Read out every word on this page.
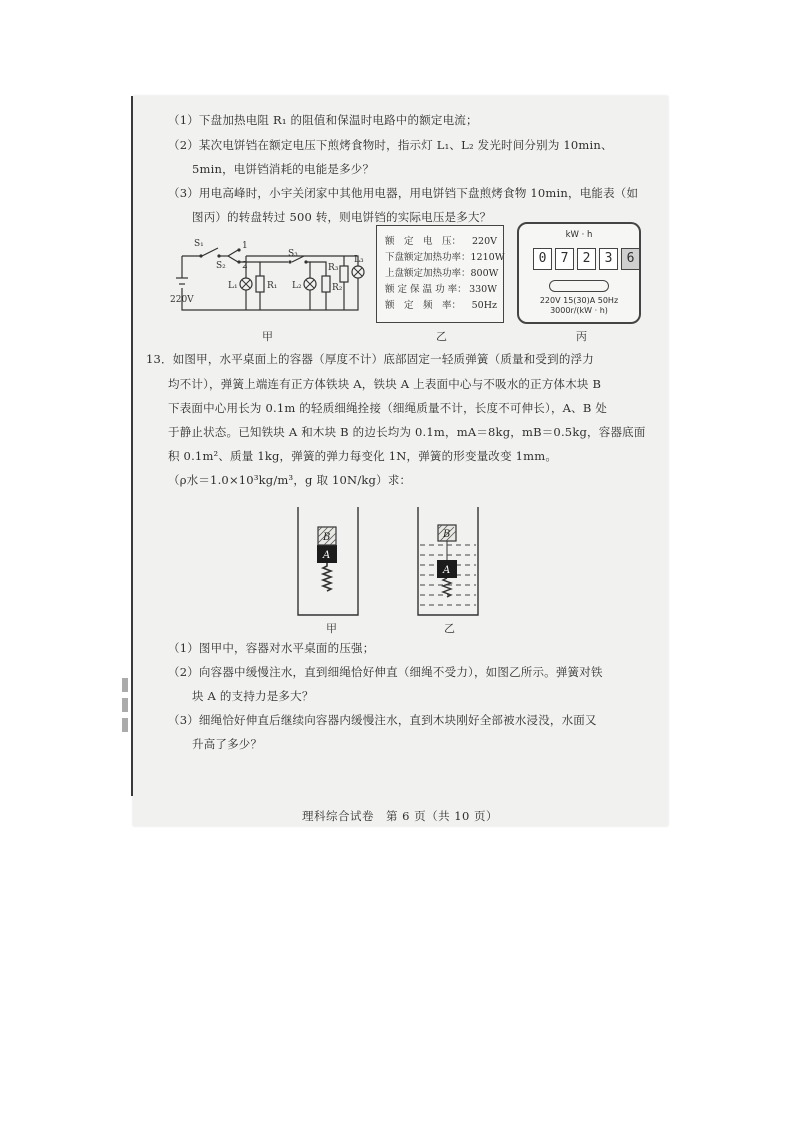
（1）下盘加热电阻 R₁ 的阻值和保温时电路中的额定电流；
（2）某次电饼铛在额定电压下煎烤食物时，指示灯 L₁、L₂ 发光时间分别为 10min、
5min，电饼铛消耗的电能是多少？
（3）用电高峰时，小宇关闭家中其他用电器，用电饼铛下盘煎烤食物 10min，电能表（如
图丙）的转盘转过 500 转，则电饼铛的实际电压是多大？
220V
S₁	1
2
S₂
S₃
L₁	R₁ L₂	R₂
R₃
L₃
额　定　电　压： 220V
下盘额定加热功率： 1210W
上盘额定加热功率： 800W
额 定 保 温 功 率： 330W
额　定　频　率： 50Hz
kW · h
0	7	2	3	6
220V 15(30)A 50Hz
3000r/(kW · h)
甲	乙	丙
13．如图甲，水平桌面上的容器（厚度不计）底部固定一轻质弹簧（质量和受到的浮力
均不计），弹簧上端连有正方体铁块 A，铁块 A 上表面中心与不吸水的正方体木块 B
下表面中心用长为 0.1m 的轻质细绳拴接（细绳质量不计，长度不可伸长），A、B 处
于静止状态。已知铁块 A 和木块 B 的边长均为 0.1m，mA＝8kg，mB＝0.5kg，容器底面
积 0.1m²、质量 1kg，弹簧的弹力每变化 1N，弹簧的形变量改变 1mm。
（ρ水＝1.0×10³kg/m³，g 取 10N/kg）求：
B
A
B
A
甲	乙
（1）图甲中，容器对水平桌面的压强；
（2）向容器中缓慢注水，直到细绳恰好伸直（细绳不受力），如图乙所示。弹簧对铁
块 A 的支持力是多大？
（3）细绳恰好伸直后继续向容器内缓慢注水，直到木块刚好全部被水浸没，水面又
升高了多少？
理科综合试卷　第 6 页（共 10 页）
